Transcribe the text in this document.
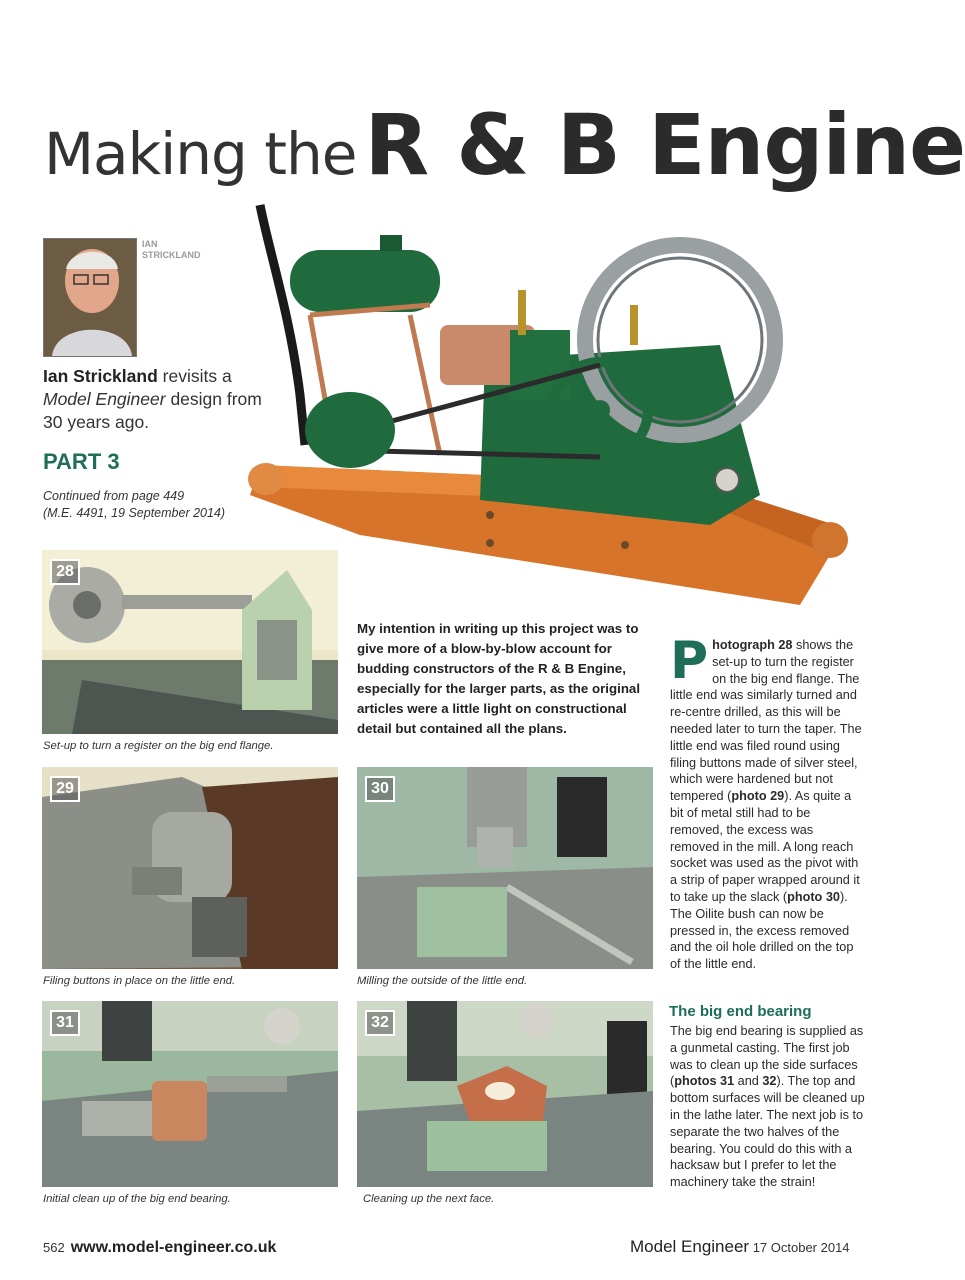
Making theR & B Engine
IAN
STRICKLAND
Ian Strickland revisits a Model Engineer design from 30 years ago.
PART 3
Continued from page 449
(M.E. 4491, 19 September 2014)
28
Set-up to turn a register on the big end flange.
My intention in writing up this project was to give more of a blow-by-blow account for budding constructors of the R & B Engine, especially for the larger parts, as the original articles were a little light on constructional detail but contained all the plans.
29
Filing buttons in place on the little end.
30
Milling the outside of the little end.
Photograph 28 shows the set-up to turn the register on the big end flange. The little end was similarly turned and re-centre drilled, as this will be needed later to turn the taper. The little end was filed round using filing buttons made of silver steel, which were hardened but not tempered (photo 29). As quite a bit of metal still had to be removed, the excess was removed in the mill. A long reach socket was used as the pivot with a strip of paper wrapped around it to take up the slack (photo 30). The Oilite bush can now be pressed in, the excess removed and the oil hole drilled on the top of the little end.
The big end bearing
The big end bearing is supplied as a gunmetal casting. The first job was to clean up the side surfaces (photos 31 and 32). The top and bottom surfaces will be cleaned up in the lathe later. The next job is to separate the two halves of the bearing. You could do this with a hacksaw but I prefer to let the machinery take the strain!
31
Initial clean up of the big end bearing.
32
Cleaning up the next face.
562 www.model-engineer.co.uk	Model Engineer 17 October 2014
